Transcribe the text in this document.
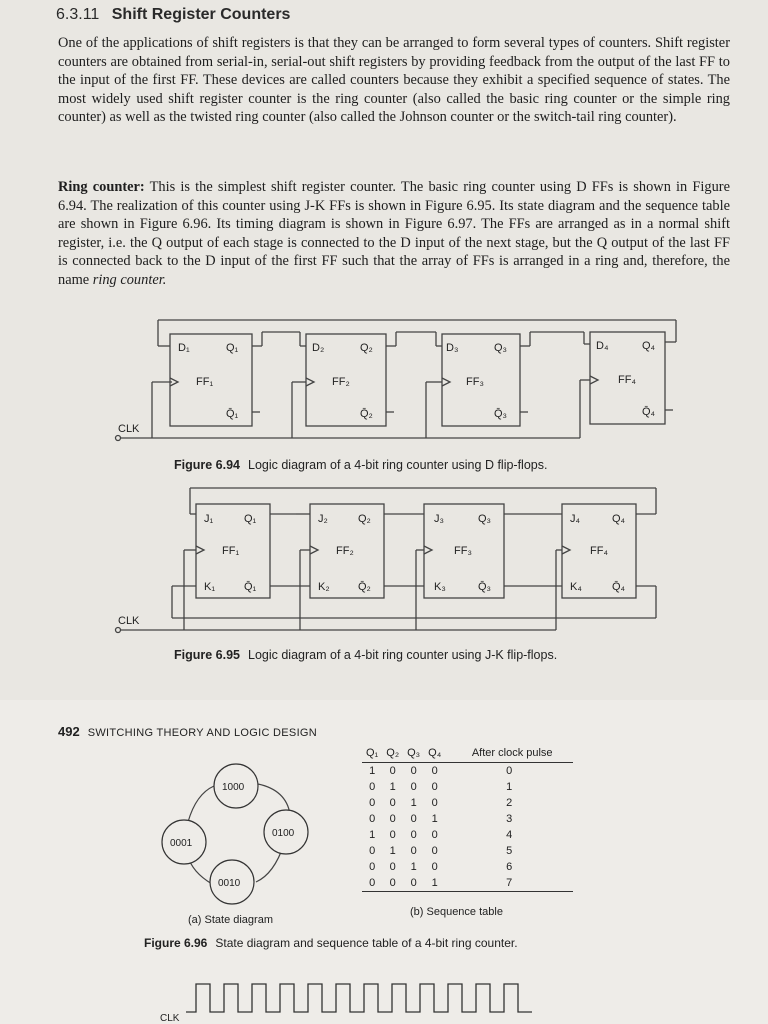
6.3.11 Shift Register Counters

One of the applications of shift registers is that they can be arranged to form several types of counters. Shift register counters are obtained from serial-in, serial-out shift registers by providing feedback from the output of the last FF to the input of the first FF. These devices are called counters because they exhibit a specified sequence of states. The most widely used shift register counter is the ring counter (also called the basic ring counter or the simple ring counter) as well as the twisted ring counter (also called the Johnson counter or the switch-tail ring counter).

Ring counter: This is the simplest shift register counter. The basic ring counter using D FFs is shown in Figure 6.94. The realization of this counter using J-K FFs is shown in Figure 6.95. Its state diagram and the sequence table are shown in Figure 6.96. Its timing diagram is shown in Figure 6.97. The FFs are arranged as in a normal shift register, i.e. the Q output of each stage is connected to the D input of the next stage, but the Q output of the last FF is connected back to the D input of the first FF such that the array of FFs is arranged in a ring and, therefore, the name ring counter.

D₁	Q₁
FF₁
Q̄₁
D₂	Q₂
FF₂
Q̄₂
D₃	Q₃
FF₃
Q̄₃
D₄	Q₄
FF₄
Q̄₄
CLK
Figure 6.94 Logic diagram of a 4-bit ring counter using D flip-flops.
J₁	Q₁
FF₁
K₁	Q̄₁
J₂	Q₂
FF₂
K₂	Q̄₂
J₃	Q₃
FF₃
K₃	Q̄₃
J₄	Q₄
FF₄
K₄	Q̄₄
CLK
Figure 6.95 Logic diagram of a 4-bit ring counter using J-K flip-flops.
492 SWITCHING THEORY AND LOGIC DESIGN
1000
0100
0010
0001
Q₁	Q₂	Q₃	Q₄	After clock pulse
1	0	0	0	0
0	1	0	0	1
0	0	1	0	2
0	0	0	1	3
1	0	0	0	4
0	1	0	0	5
0	0	1	0	6
0	0	0	1	7
(a) State diagram
(b) Sequence table
Figure 6.96 State diagram and sequence table of a 4-bit ring counter.
CLK
